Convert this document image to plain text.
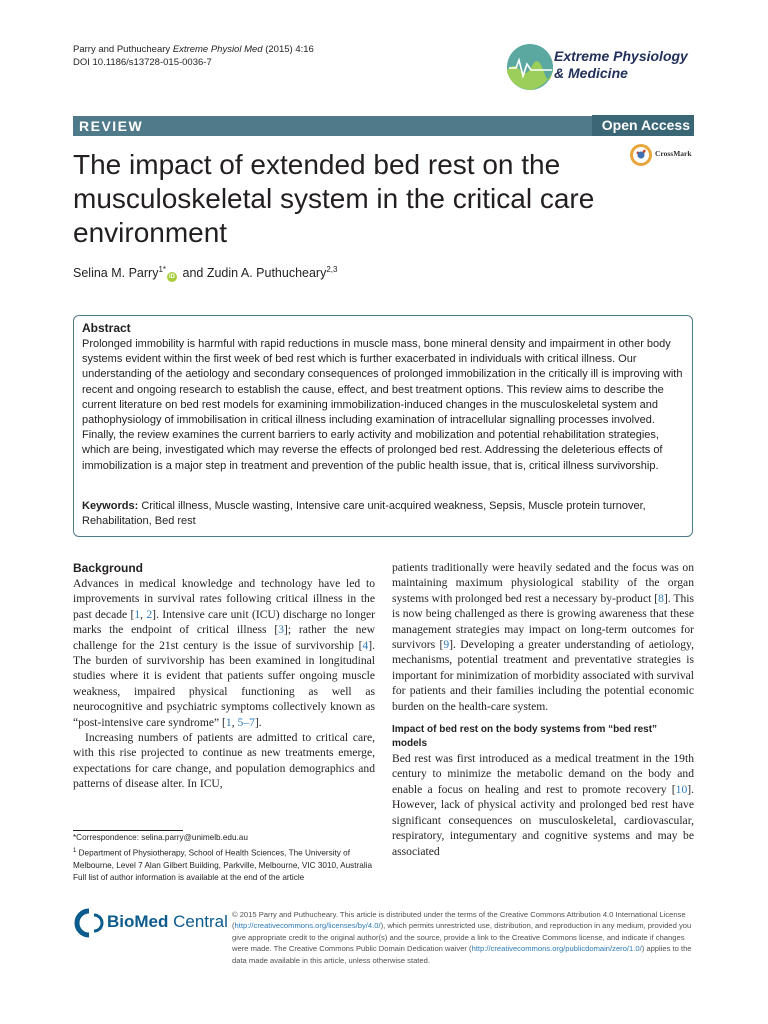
Parry and Puthucheary Extreme Physiol Med (2015) 4:16
DOI 10.1186/s13728-015-0036-7	Extreme Physiology
& Medicine
REVIEW	Open Access
CrossMark
The impact of extended bed rest on the musculoskeletal system in the critical care environment
Selina M. Parry$^{1*}$iD and Zudin A. Puthucheary$^{2,3}$
Abstract
Prolonged immobility is harmful with rapid reductions in muscle mass, bone mineral density and impairment in other body systems evident within the first week of bed rest which is further exacerbated in individuals with critical illness. Our understanding of the aetiology and secondary consequences of prolonged immobilization in the critically ill is improving with recent and ongoing research to establish the cause, effect, and best treatment options. This review aims to describe the current literature on bed rest models for examining immobilization-induced changes in the musculoskeletal system and pathophysiology of immobilisation in critical illness including examination of intracellular signalling processes involved. Finally, the review examines the current barriers to early activity and mobilization and potential rehabilitation strategies, which are being, investigated which may reverse the effects of prolonged bed rest. Addressing the deleterious effects of immobilization is a major step in treatment and prevention of the public health issue, that is, critical illness survivorship.
Keywords: Critical illness, Muscle wasting, Intensive care unit-acquired weakness, Sepsis, Muscle protein turnover, Rehabilitation, Bed rest
Background

Advances in medical knowledge and technology have led to improvements in survival rates following critical illness in the past decade [1, 2]. Intensive care unit (ICU) discharge no longer marks the endpoint of critical illness [3]; rather the new challenge for the 21st century is the issue of survivorship [4]. The burden of survivorship has been examined in longitudinal studies where it is evident that patients suffer ongoing muscle weakness, impaired physical functioning as well as neurocognitive and psychiatric symptoms collectively known as “post-intensive care syndrome” [1, 5–7].

Increasing numbers of patients are admitted to critical care, with this rise projected to continue as new treatments emerge, expectations for care change, and population demographics and patterns of disease alter. In ICU,

patients traditionally were heavily sedated and the focus was on maintaining maximum physiological stability of the organ systems with prolonged bed rest a necessary by-product [8]. This is now being challenged as there is growing awareness that these management strategies may impact on long-term outcomes for survivors [9]. Developing a greater understanding of aetiology, mechanisms, potential treatment and preventative strategies is important for minimization of morbidity associated with survival for patients and their families including the potential economic burden on the health-care system.

Impact of bed rest on the body systems from “bed rest” models

Bed rest was first introduced as a medical treatment in the 19th century to minimize the metabolic demand on the body and enable a focus on healing and rest to promote recovery [10]. However, lack of physical activity and prolonged bed rest have significant consequences on musculoskeletal, cardiovascular, respiratory, integumentary and cognitive systems and may be associated

*Correspondence: selina.parry@unimelb.edu.au
$^1$ Department of Physiotherapy, School of Health Sciences, The University of Melbourne, Level 7 Alan Gilbert Building, Parkville, Melbourne, VIC 3010, Australia
Full list of author information is available at the end of the article
BioMed Central © 2015 Parry and Puthucheary. This article is distributed under the terms of the Creative Commons Attribution 4.0 International License (http://creativecommons.org/licenses/by/4.0/), which permits unrestricted use, distribution, and reproduction in any medium, provided you give appropriate credit to the original author(s) and the source, provide a link to the Creative Commons license, and indicate if changes were made. The Creative Commons Public Domain Dedication waiver (http://creativecommons.org/publicdomain/zero/1.0/) applies to the data made available in this article, unless otherwise stated.
